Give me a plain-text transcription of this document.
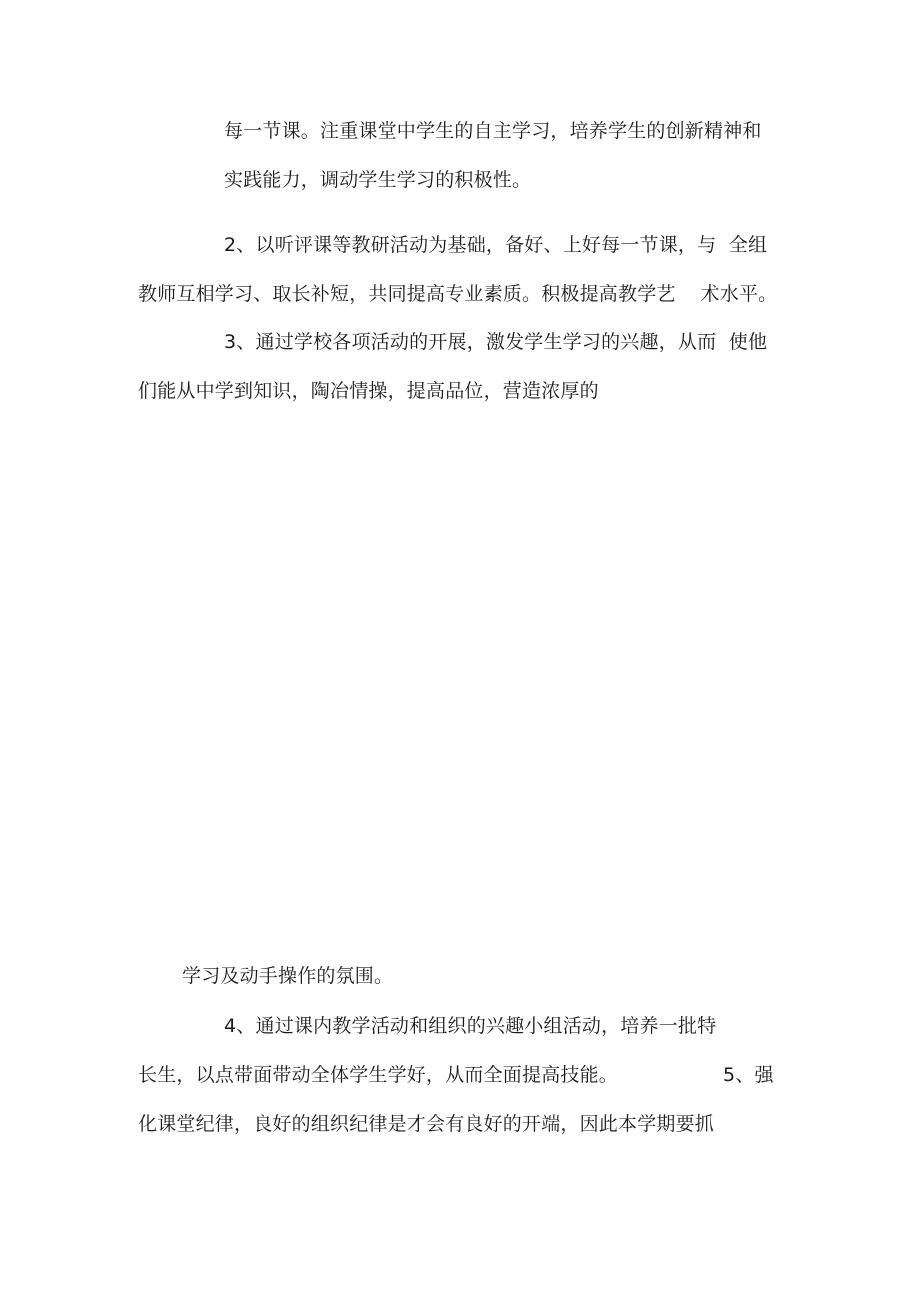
每一节课。注重课堂中学生的自主学习，培养学生的创新精神和
实践能力，调动学生学习的积极性。
2、以听评课等教研活动为基础，备好、上好每一节课，与  全组
教师互相学习、取长补短，共同提高专业素质。积极提高教学艺    术水平。
3、通过学校各项活动的开展，激发学生学习的兴趣，从而  使他
们能从中学到知识，陶冶情操，提高品位，营造浓厚的
学习及动手操作的氛围。
4、通过课内教学活动和组织的兴趣小组活动，培养一批特
长生，以点带面带动全体学生学好，从而全面提高技能。	5、强
化课堂纪律，良好的组织纪律是才会有良好的开端，因此本学期要抓
